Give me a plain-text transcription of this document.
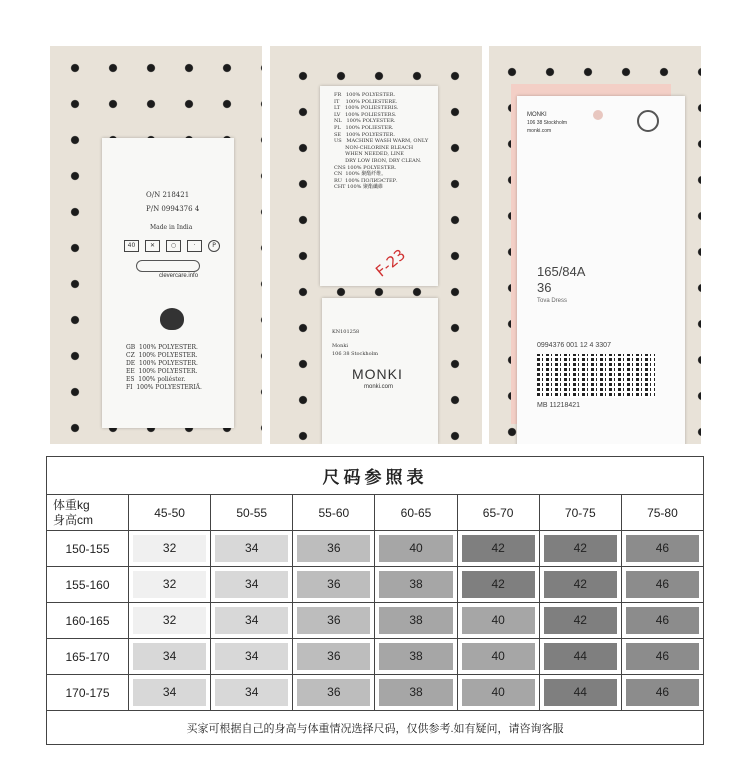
O/N 218421
P/N 0994376 4
Made in India
40	✕	○	·	P

clevercare.info

GB  100% POLYESTER.
CZ  100% POLYESTER.
DE  100% POLYESTER.
EE  100% POLYESTER.
ES  100% poliéster.
FI  100% POLYESTERIÄ.
FR   100% POLYESTER.
IT    100% POLIESTERE.
LT   100% POLIESTERIS.
LV   100% POLIESTERS.
NL   100% POLYESTER.
PL   100% POLIESTER.
SE   100% POLYESTER.
US   MACHINE WASH WARM, ONLY
NON-CHLORINE BLEACH
WHEN NEEDED, LINE
DRY LOW IRON, DRY CLEAN.
CNS 100% POLYESTER.
CN  100% 聚酯纤维。
RU  100% ПОЛИЭСТЕР.
CHT 100% 聚酯纖維
F-23
KN101258
Monki
106 38 Stockholm
MONKI
monki.com
MONKI
106 38 Stockholm
monki.com
165/84A
36
Tova Dress
0994376 001 12 4 3307
MB 11218421
尺码参照表							

体重kg
身高cm	45-50	50-55	55-60	60-65	65-70	70-75	75-80
150-155	32	34	36	40	42	42	46

155-160	32	34	36	38	42	42	46

160-165	32	34	36	38	40	42	46

165-170	34	34	36	38	40	44	46

170-175	34	34	36	38	40	44	46

买家可根据自己的身高与体重情况选择尺码，仅供参考.如有疑问，请咨询客服							
